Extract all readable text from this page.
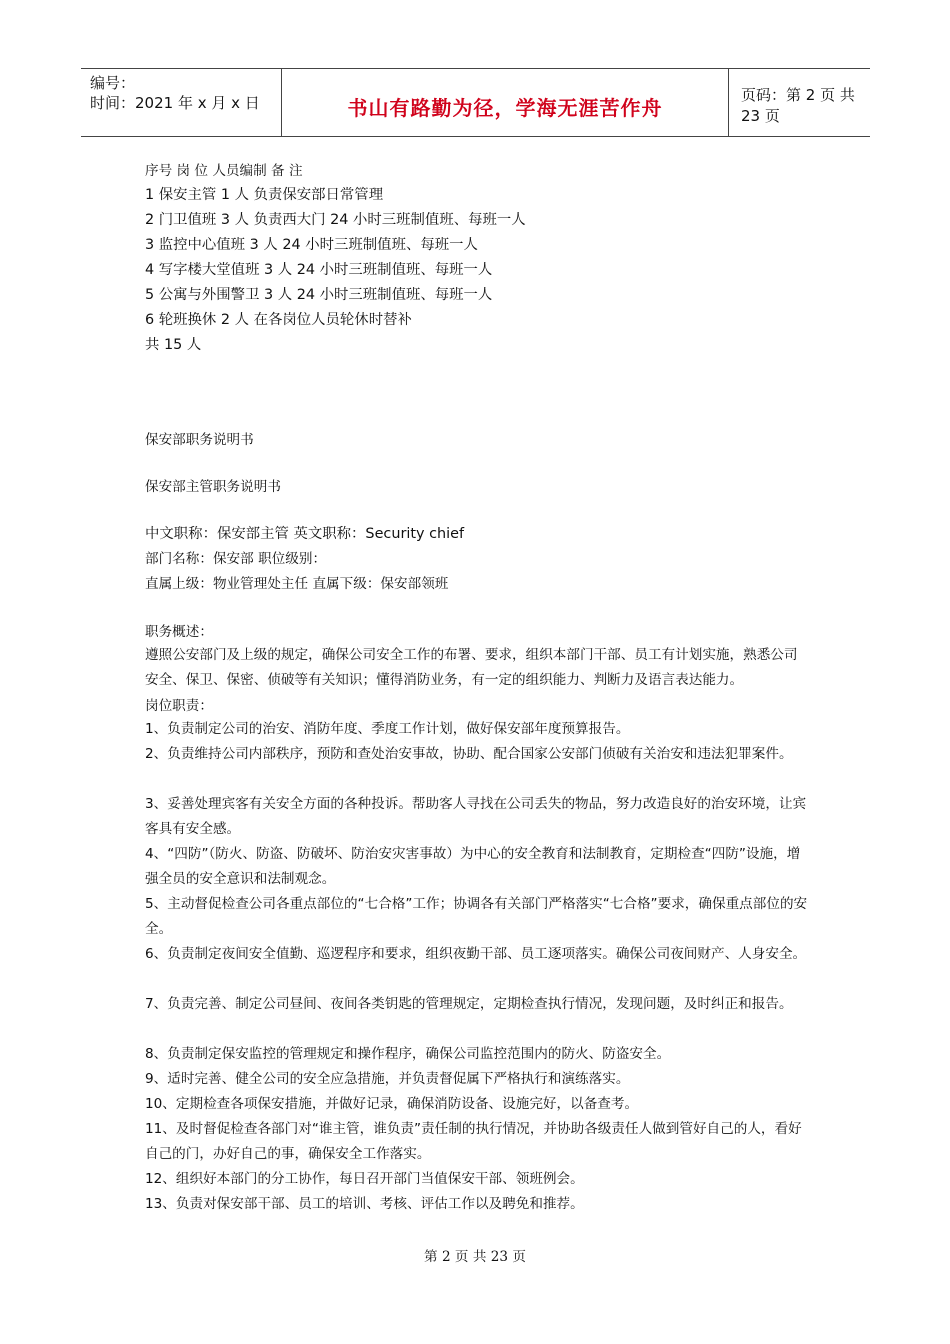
编号：
时间：2021 年 x 月 x 日	书山有路勤为径，学海无涯苦作舟
页码：第 2 页 共 23 页
序号 岗 位 人员编制 备 注
1 保安主管 1 人 负责保安部日常管理
2 门卫值班 3 人 负责西大门 24 小时三班制值班、每班一人
3 监控中心值班 3 人 24 小时三班制值班、每班一人
4 写字楼大堂值班 3 人 24 小时三班制值班、每班一人
5 公寓与外围警卫 3 人 24 小时三班制值班、每班一人
6 轮班换休 2 人 在各岗位人员轮休时替补
共 15 人
保安部职务说明书
保安部主管职务说明书
中文职称：保安部主管 英文职称：Security chief
部门名称：保安部 职位级别：
直属上级：物业管理处主任 直属下级：保安部领班
职务概述：
遵照公安部门及上级的规定，确保公司安全工作的布署、要求，组织本部门干部、员工有计划实施，熟悉公司安全、保卫、保密、侦破等有关知识；懂得消防业务，有一定的组织能力、判断力及语言表达能力。
岗位职责：
1、负责制定公司的治安、消防年度、季度工作计划，做好保安部年度预算报告。
2、负责维持公司内部秩序，预防和查处治安事故，协助、配合国家公安部门侦破有关治安和违法犯罪案件。
3、妥善处理宾客有关安全方面的各种投诉。帮助客人寻找在公司丢失的物品，努力改造良好的治安环境，让宾客具有安全感。
4、“四防”（防火、防盗、防破坏、防治安灾害事故）为中心的安全教育和法制教育，定期检查“四防”设施，增强全员的安全意识和法制观念。
5、主动督促检查公司各重点部位的“七合格”工作；协调各有关部门严格落实“七合格”要求，确保重点部位的安全。
6、负责制定夜间安全值勤、巡逻程序和要求，组织夜勤干部、员工逐项落实。确保公司夜间财产、人身安全。
7、负责完善、制定公司昼间、夜间各类钥匙的管理规定，定期检查执行情况，发现问题，及时纠正和报告。
8、负责制定保安监控的管理规定和操作程序，确保公司监控范围内的防火、防盗安全。
9、适时完善、健全公司的安全应急措施，并负责督促属下严格执行和演练落实。
10、定期检查各项保安措施，并做好记录，确保消防设备、设施完好，以备查考。
11、及时督促检查各部门对“谁主管，谁负责”责任制的执行情况，并协助各级责任人做到管好自己的人，看好自己的门，办好自己的事，确保安全工作落实。
12、组织好本部门的分工协作，每日召开部门当值保安干部、领班例会。
13、负责对保安部干部、员工的培训、考核、评估工作以及聘免和推荐。
第 2 页 共 23 页
